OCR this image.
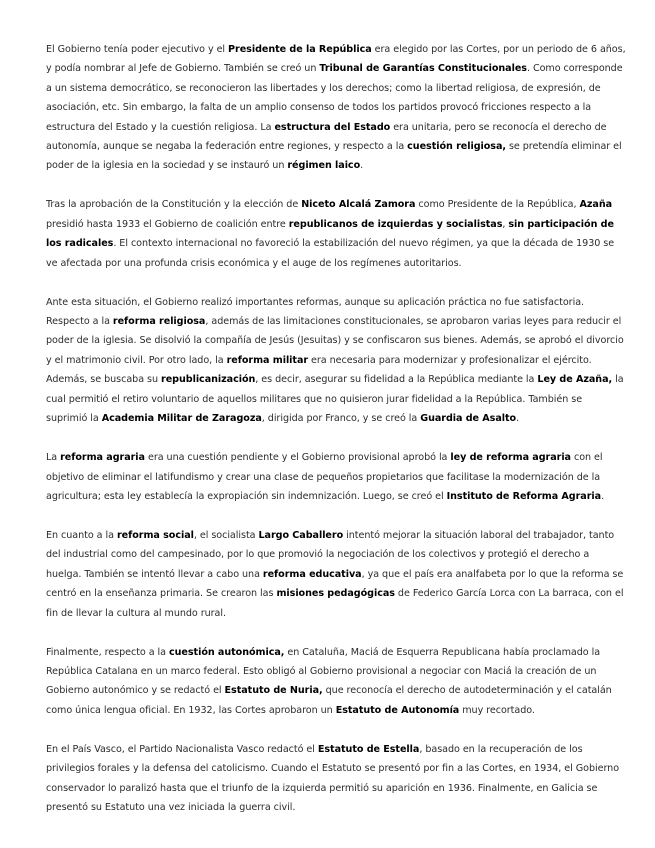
El Gobierno tenía poder ejecutivo y el Presidente de la República era elegido por las Cortes, por un periodo de 6 años, y podía nombrar al Jefe de Gobierno. También se creó un Tribunal de Garantías Constitucionales. Como corresponde a un sistema democrático, se reconocieron las libertades y los derechos; como la libertad religiosa, de expresión, de asociación, etc. Sin embargo, la falta de un amplio consenso de todos los partidos provocó fricciones respecto a la estructura del Estado y la cuestión religiosa. La estructura del Estado era unitaria, pero se reconocía el derecho de autonomía, aunque se negaba la federación entre regiones, y respecto a la cuestión religiosa, se pretendía eliminar el poder de la iglesia en la sociedad y se instauró un régimen laico.

Tras la aprobación de la Constitución y la elección de Niceto Alcalá Zamora como Presidente de la República, Azaña presidió hasta 1933 el Gobierno de coalición entre republicanos de izquierdas y socialistas, sin participación de los radicales. El contexto internacional no favoreció la estabilización del nuevo régimen, ya que la década de 1930 se ve afectada por una profunda crisis económica y el auge de los regímenes autoritarios.

Ante esta situación, el Gobierno realizó importantes reformas, aunque su aplicación práctica no fue satisfactoria. Respecto a la reforma religiosa, además de las limitaciones constitucionales, se aprobaron varias leyes para reducir el poder de la iglesia. Se disolvió la compañía de Jesús (Jesuitas) y se confiscaron sus bienes. Además, se aprobó el divorcio y el matrimonio civil. Por otro lado, la reforma militar era necesaria para modernizar y profesionalizar el ejército. Además, se buscaba su republicanización, es decir, asegurar su fidelidad a la República mediante la Ley de Azaña, la cual permitió el retiro voluntario de aquellos militares que no quisieron jurar fidelidad a la República. También se suprimió la Academia Militar de Zaragoza, dirigida por Franco, y se creó la Guardia de Asalto.

La reforma agraria era una cuestión pendiente y el Gobierno provisional aprobó la ley de reforma agraria con el objetivo de eliminar el latifundismo y crear una clase de pequeños propietarios que facilitase la modernización de la agricultura; esta ley establecía la expropiación sin indemnización. Luego, se creó el Instituto de Reforma Agraria.

En cuanto a la reforma social, el socialista Largo Caballero intentó mejorar la situación laboral del trabajador, tanto del industrial como del campesinado, por lo que promovió la negociación de los colectivos y protegió el derecho a huelga. También se intentó llevar a cabo una reforma educativa, ya que el país era analfabeta por lo que la reforma se centró en la enseñanza primaria. Se crearon las misiones pedagógicas de Federico García Lorca con La barraca, con el fin de llevar la cultura al mundo rural.

Finalmente, respecto a la cuestión autonómica, en Cataluña, Maciá de Esquerra Republicana había proclamado la República Catalana en un marco federal. Esto obligó al Gobierno provisional a negociar con Maciá la creación de un Gobierno autonómico y se redactó el Estatuto de Nuria, que reconocía el derecho de autodeterminación y el catalán como única lengua oficial. En 1932, las Cortes aprobaron un Estatuto de Autonomía muy recortado.

En el País Vasco, el Partido Nacionalista Vasco redactó el Estatuto de Estella, basado en la recuperación de los privilegios forales y la defensa del catolicismo. Cuando el Estatuto se presentó por fin a las Cortes, en 1934, el Gobierno conservador lo paralizó hasta que el triunfo de la izquierda permitió su aparición en 1936. Finalmente, en Galicia se presentó su Estatuto una vez iniciada la guerra civil.
